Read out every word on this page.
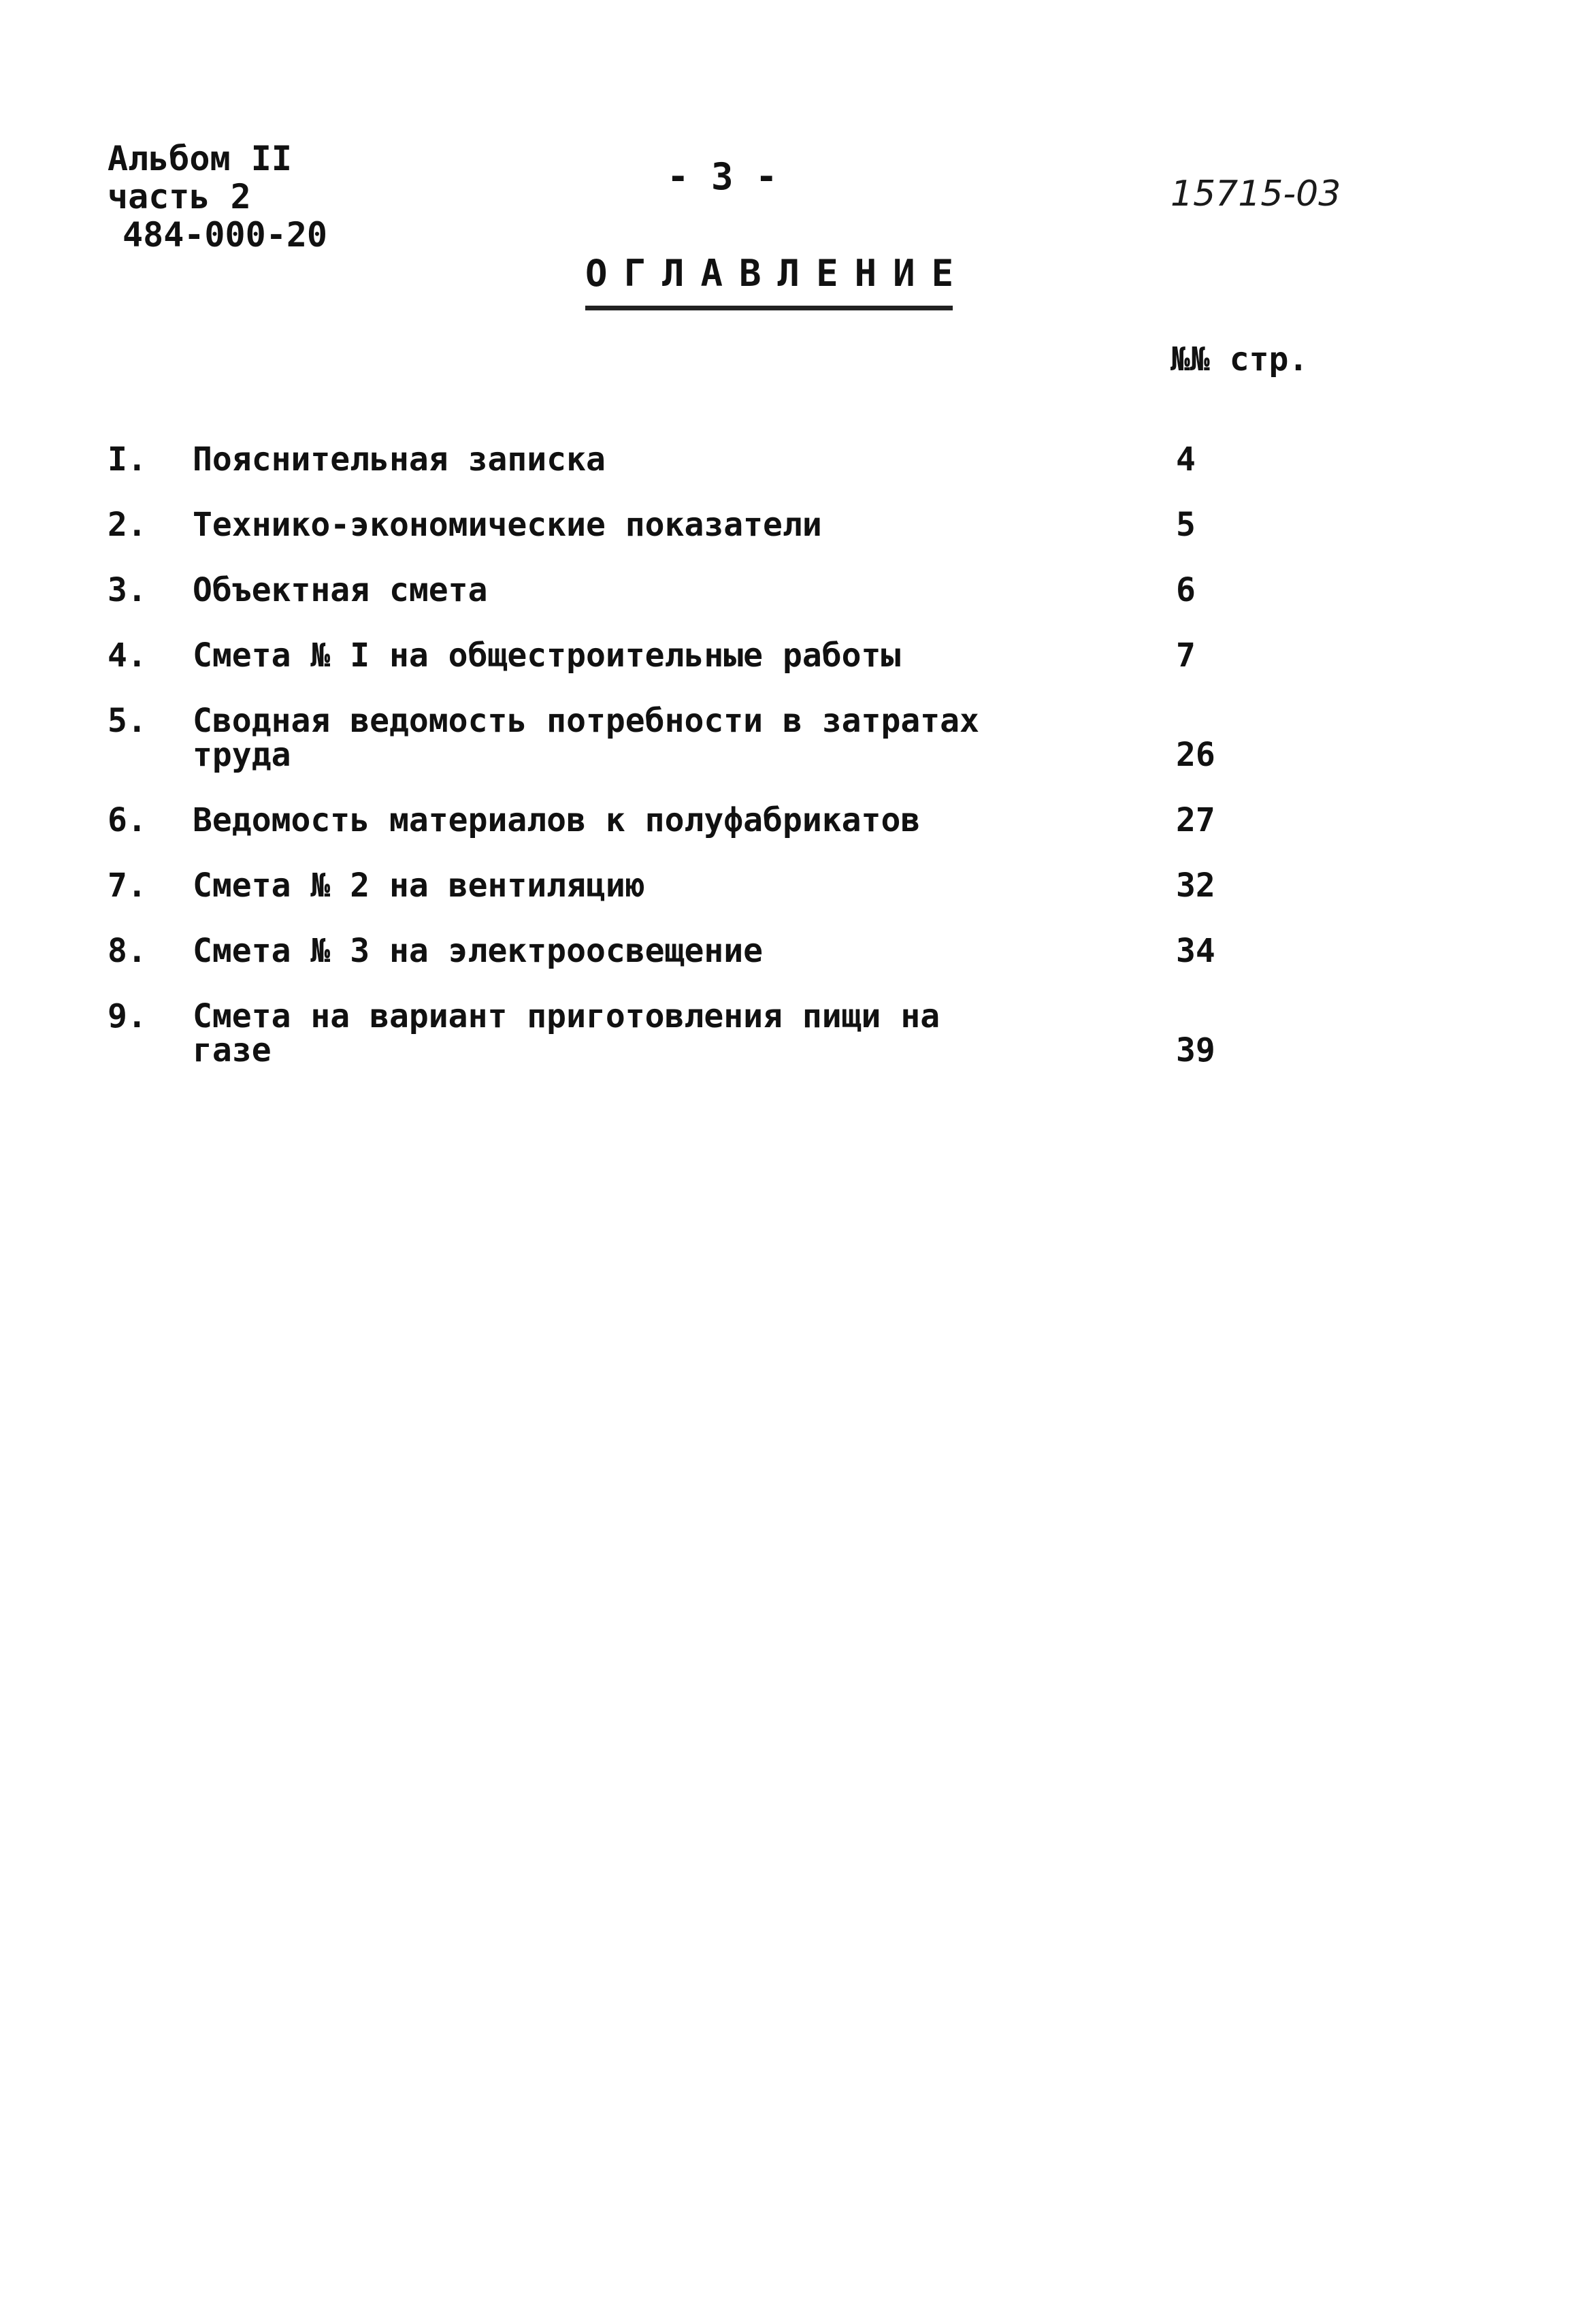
Альбом II
часть 2
484-000-20
- 3 -	15715-03
ОГЛАВЛЕНИЕ
№№ стр.
I.	Пояснительная записка	4
2.	Технико-экономические показатели	5
3.	Объектная смета	6
4.	Смета № I на общестроительные работы	7
5.	Сводная ведомость потребности в затратах труда	26
6.	Ведомость материалов к полуфабрикатов	27
7.	Смета № 2 на вентиляцию	32
8.	Смета № 3 на электроосвещение	34
9.	Смета на вариант приготовления пищи на газе	39
